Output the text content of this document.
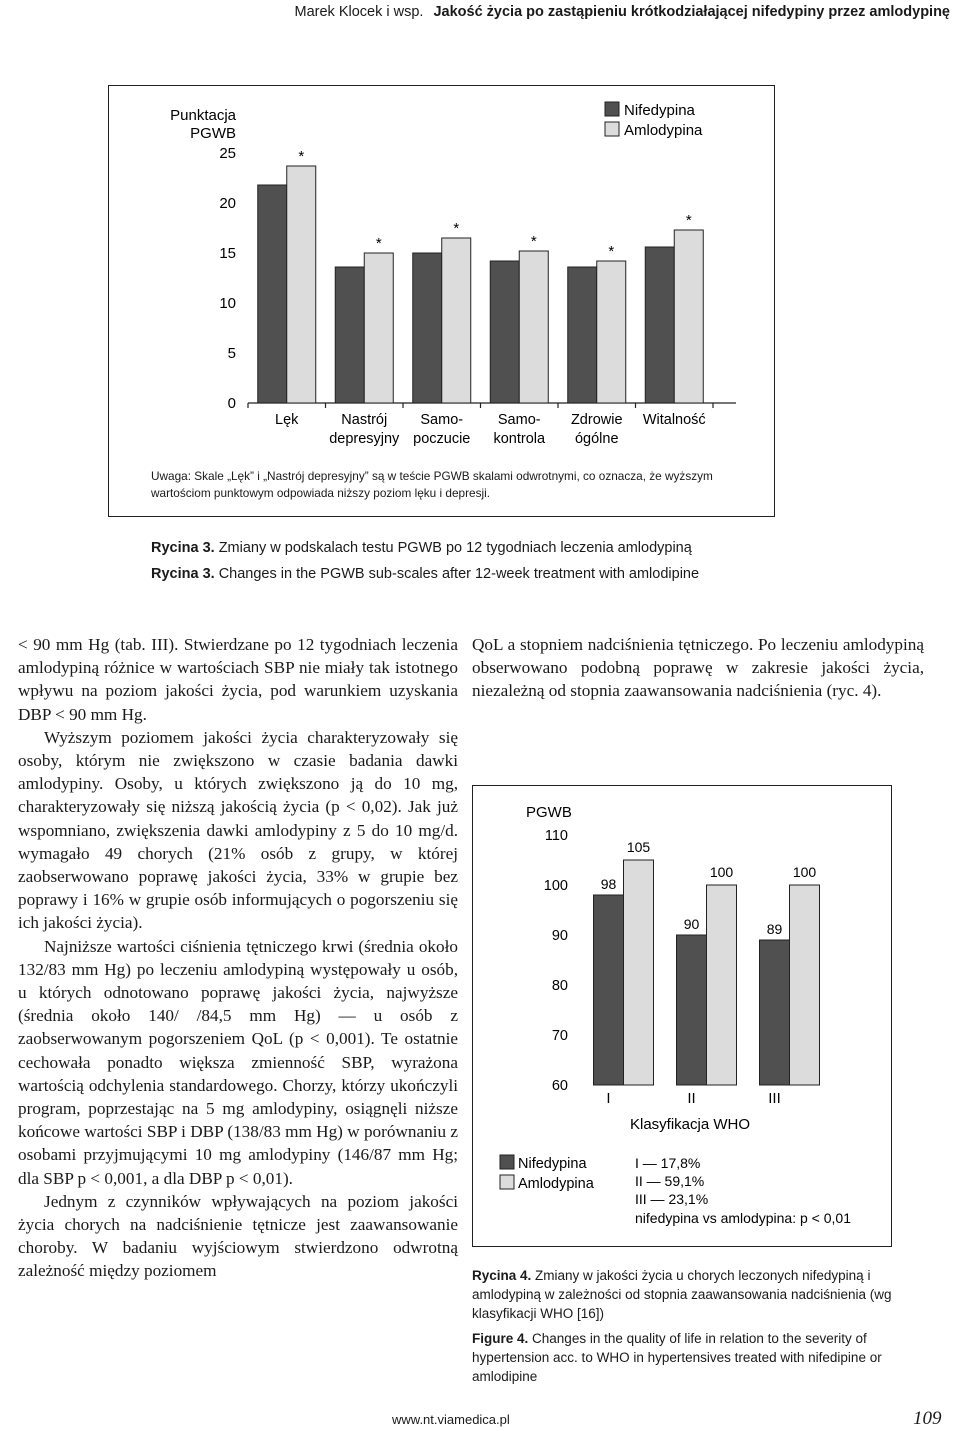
Marek Klocek i wsp. Jakość życia po zastąpieniu krótkodziałającej nifedypiny przez amlodypinę
Punktacja
PGWB
25
20
15
10
5
0
*
*
*
*
*
*
Lęk	Nastrój
depresyjny
Samo-
poczucie
Samo-
kontrola
Zdrowie
ógólne
Witalność
Nifedypina
Amlodypina
Uwaga: Skale „Lęk” i „Nastrój depresyjny” są w teście PGWB skalami odwrotnymi, co oznacza, że wyższym wartościom punktowym odpowiada niższy poziom lęku i depresji.
Rycina 3. Zmiany w podskalach testu PGWB po 12 tygodniach leczenia amlodypiną
Rycina 3. Changes in the PGWB sub-scales after 12-week treatment with amlodipine

< 90 mm Hg (tab. III). Stwierdzane po 12 tygodniach leczenia amlodypiną różnice w wartościach SBP nie miały tak istotnego wpływu na poziom jakości życia, pod warunkiem uzyskania DBP < 90 mm Hg.

Wyższym poziomem jakości życia charakteryzowały się osoby, którym nie zwiększono w czasie badania dawki amlodypiny. Osoby, u których zwiększono ją do 10 mg, charakteryzowały się niższą jakością życia (p < 0,02). Jak już wspomniano, zwiększenia dawki amlodypiny z 5 do 10 mg/d. wymagało 49 chorych (21% osób z grupy, w której zaobserwowano poprawę jakości życia, 33% w grupie bez poprawy i 16% w grupie osób informujących o pogorszeniu się ich jakości życia).

Najniższe wartości ciśnienia tętniczego krwi (średnia około 132/83 mm Hg) po leczeniu amlodypiną występowały u osób, u których odnotowano poprawę jakości życia, najwyższe (średnia około 140/ /84,5 mm Hg) — u osób z zaobserwowanym pogorszeniem QoL (p < 0,001). Te ostatnie cechowała ponadto większa zmienność SBP, wyrażona wartością odchylenia standardowego. Chorzy, którzy ukończyli program, poprzestając na 5 mg amlodypiny, osiągnęli niższe końcowe wartości SBP i DBP (138/83 mm Hg) w porównaniu z osobami przyjmującymi 10 mg amlodypiny (146/87 mm Hg; dla SBP p < 0,001, a dla DBP p < 0,01).

Jednym z czynników wpływających na poziom jakości życia chorych na nadciśnienie tętnicze jest zaawansowanie choroby. W badaniu wyjściowym stwierdzono odwrotną zależność między poziomem

QoL a stopniem nadciśnienia tętniczego. Po leczeniu amlodypiną obserwowano podobną poprawę w zakresie jakości życia, niezależną od stopnia zaawansowania nadciśnienia (ryc. 4).

PGWB
110
100
90
80
70
60
98
105
90
100
89
100
I	II	III
Klasyfikacja WHO
Nifedypina
Amlodypina
I — 17,8%
II — 59,1%
III — 23,1%
nifedypina vs amlodypina: p < 0,01

Rycina 4. Zmiany w jakości życia u chorych leczonych nifedypiną i amlodypiną w zależności od stopnia zaawansowania nadciśnienia (wg klasyfikacji WHO [16])

Figure 4. Changes in the quality of life in relation to the severity of hypertension acc. to WHO in hypertensives treated with nifedipine or amlodipine

www.nt.viamedica.pl	109
